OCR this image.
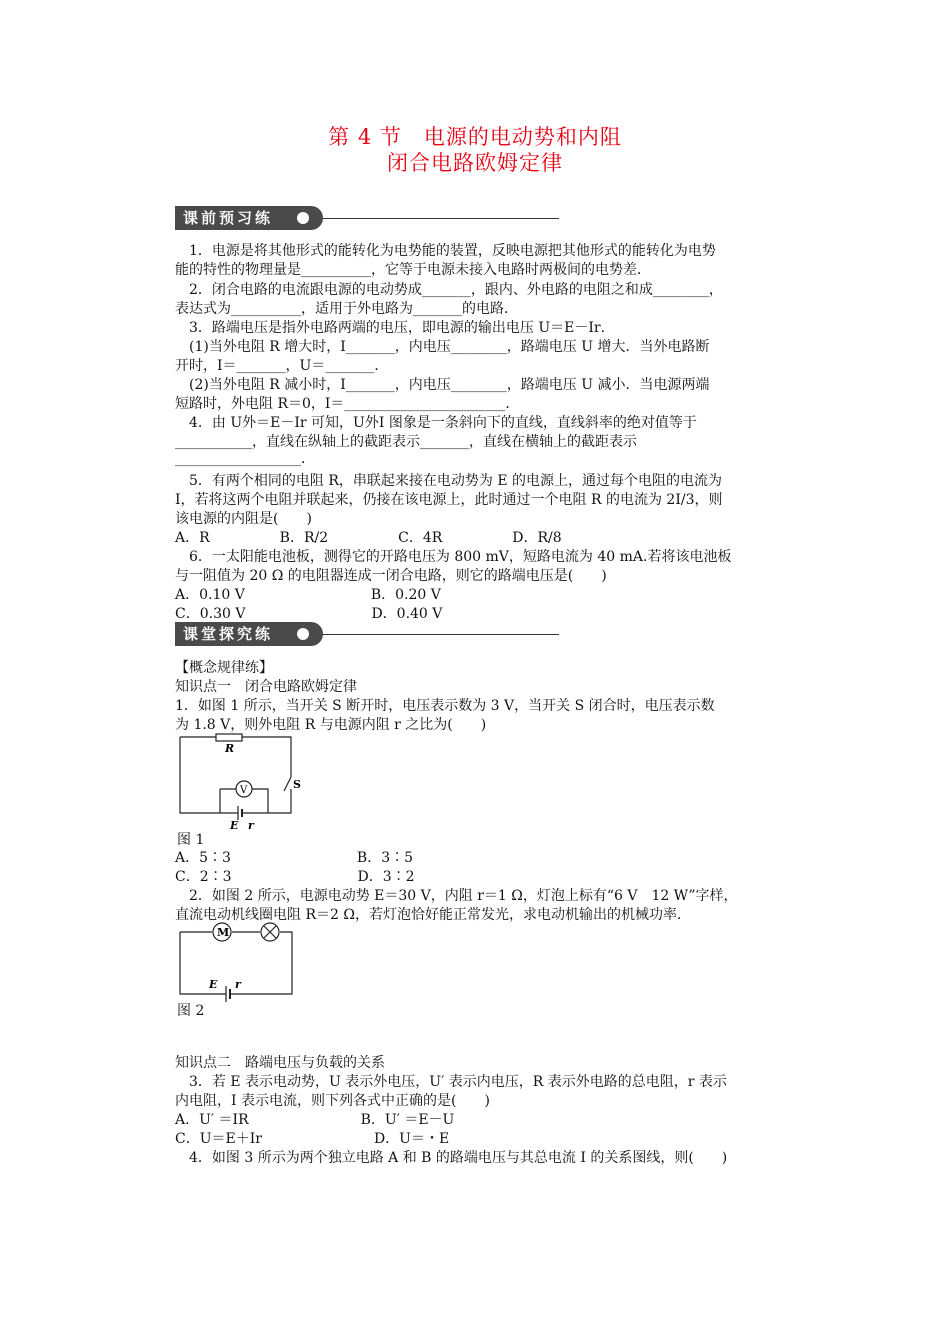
第 4 节　电源的电动势和内阻
闭合电路欧姆定律
课前预习练
　1．电源是将其他形式的能转化为电势能的装置，反映电源把其他形式的能转化为电势
能的特性的物理量是__________，它等于电源未接入电路时两极间的电势差．
　2．闭合电路的电流跟电源的电动势成_______，跟内、外电路的电阻之和成________，
表达式为__________，适用于外电路为_______的电路．
　3．路端电压是指外电路两端的电压，即电源的输出电压 U＝E－Ir．
　(1)当外电阻 R 增大时，I_______，内电压________，路端电压 U 增大．当外电路断
开时，I＝_______，U＝_______．
　(2)当外电阻 R 减小时，I_______，内电压________，路端电压 U 减小．当电源两端
短路时，外电阻 R＝0，I＝_______________________．
　4．由 U外＝E－Ir 可知，U外I 图象是一条斜向下的直线，直线斜率的绝对值等于
___________，直线在纵轴上的截距表示_______，直线在横轴上的截距表示
__________________．
　5．有两个相同的电阻 R，串联起来接在电动势为 E 的电源上，通过每个电阻的电流为
I，若将这两个电阻并联起来，仍接在该电源上，此时通过一个电阻 R 的电流为 2I/3，则
该电源的内阻是(　　)
A．R　　　　　B．R/2　　　　　C．4R　　　　　D．R/8
　6．一太阳能电池板，测得它的开路电压为 800 mV，短路电流为 40 mA.若将该电池板
与一阻值为 20 Ω 的电阻器连成一闭合电路，则它的路端电压是(　　)
A．0.10 V　　　　　　　　　B．0.20 V
C．0.30 V　　　　　　　　　D．0.40 V
课堂探究练
【概念规律练】
知识点一　闭合电路欧姆定律
1．如图 1 所示，当开关 S 断开时，电压表示数为 3 V，当开关 S 闭合时，电压表示数
为 1.8 V，则外电阻 R 与电源内阻 r 之比为(　　)
R
V	S
E r
图 1
A．5∶3　　　　　　　　　B．3∶5
C．2∶3　　　　　　　　　D．3∶2
　2．如图 2 所示，电源电动势 E＝30 V，内阻 r＝1 Ω，灯泡上标有“6 V　12 W”字样，
直流电动机线圈电阻 R＝2 Ω，若灯泡恰好能正常发光，求电动机输出的机械功率．
M
E r
图 2
知识点二　路端电压与负载的关系
　3．若 E 表示电动势，U 表示外电压，U′ 表示内电压，R 表示外电路的总电阻，r 表示
内电阻，I 表示电流，则下列各式中正确的是(　　)
A．U′ ＝IR　　　　　　　　B．U′ ＝E－U
C．U＝E＋Ir　　　　　　　　D．U＝・E
　4．如图 3 所示为两个独立电路 A 和 B 的路端电压与其总电流 I 的关系图线，则(　　)
